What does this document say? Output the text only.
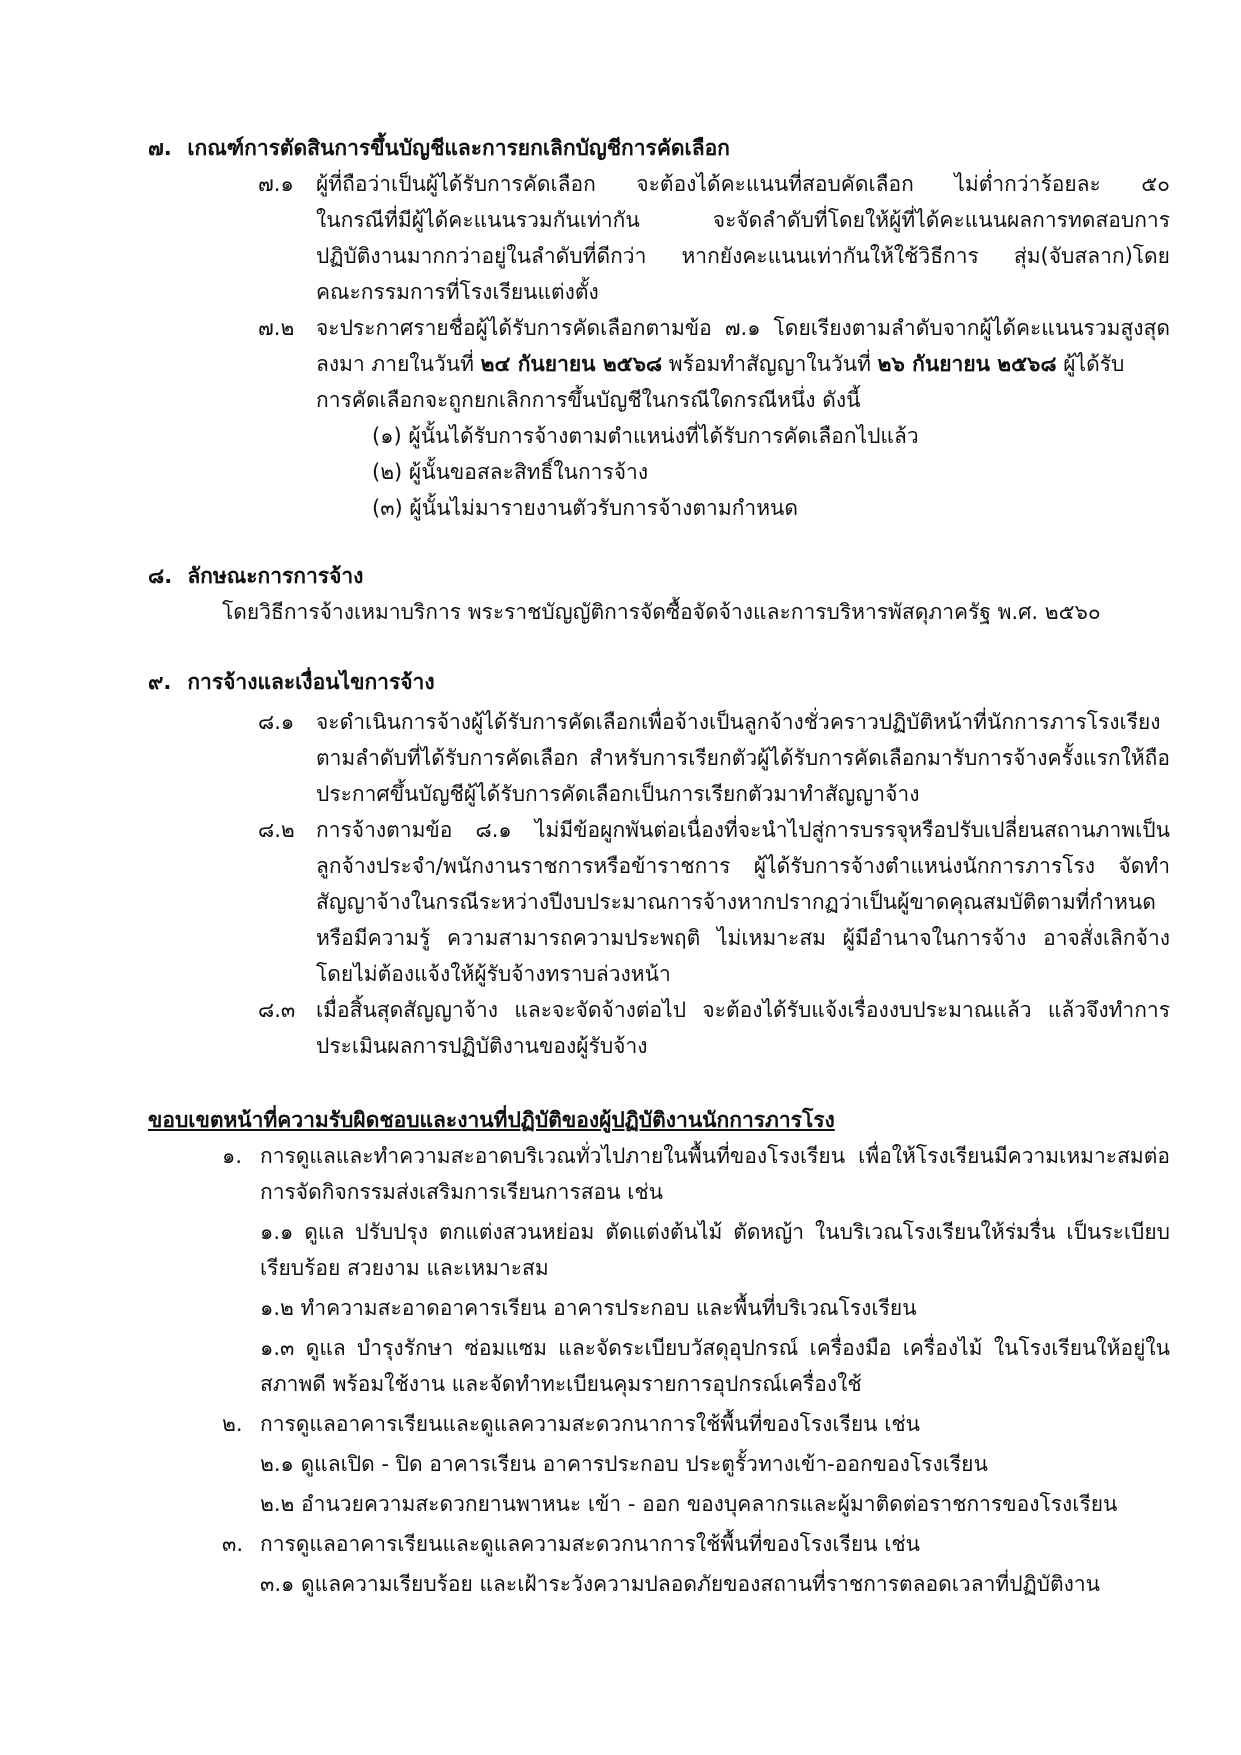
๗. เกณฑ์การตัดสินการขึ้นบัญชีและการยกเลิกบัญชีการคัดเลือก
๗.๑ ผู้ที่ถือว่าเป็นผู้ได้รับการคัดเลือก จะต้องได้คะแนนที่สอบคัดเลือก ไม่ต่ำกว่าร้อยละ ๕๐
ในกรณีที่มีผู้ได้คะแนนรวมกันเท่ากัน จะจัดลำดับที่โดยให้ผู้ที่ได้คะแนนผลการทดสอบการ
ปฏิบัติงานมากกว่าอยู่ในลำดับที่ดีกว่า หากยังคะแนนเท่ากันให้ใช้วิธีการ สุ่ม(จับสลาก)โดย
คณะกรรมการที่โรงเรียนแต่งตั้ง
๗.๒ จะประกาศรายชื่อผู้ได้รับการคัดเลือกตามข้อ ๗.๑ โดยเรียงตามลำดับจากผู้ได้คะแนนรวมสูงสุด
ลงมา ภายในวันที่ ๒๔ กันยายน ๒๕๖๘ พร้อมทำสัญญาในวันที่ ๒๖ กันยายน ๒๕๖๘ ผู้ได้รับ
การคัดเลือกจะถูกยกเลิกการขึ้นบัญชีในกรณีใดกรณีหนึ่ง ดังนี้
(๑) ผู้นั้นได้รับการจ้างตามตำแหน่งที่ได้รับการคัดเลือกไปแล้ว
(๒) ผู้นั้นขอสละสิทธิ์ในการจ้าง
(๓) ผู้นั้นไม่มารายงานตัวรับการจ้างตามกำหนด
๘. ลักษณะการการจ้าง
โดยวิธีการจ้างเหมาบริการ พระราชบัญญัติการจัดซื้อจัดจ้างและการบริหารพัสดุภาครัฐ พ.ศ. ๒๕๖๐
๙. การจ้างและเงื่อนไขการจ้าง
๘.๑ จะดำเนินการจ้างผู้ได้รับการคัดเลือกเพื่อจ้างเป็นลูกจ้างชั่วคราวปฏิบัติหน้าที่นักการภารโรงเรียง
ตามลำดับที่ได้รับการคัดเลือก สำหรับการเรียกตัวผู้ได้รับการคัดเลือกมารับการจ้างครั้งแรกให้ถือ
ประกาศขึ้นบัญชีผู้ได้รับการคัดเลือกเป็นการเรียกตัวมาทำสัญญาจ้าง
๘.๒ การจ้างตามข้อ ๘.๑ ไม่มีข้อผูกพันต่อเนื่องที่จะนำไปสู่การบรรจุหรือปรับเปลี่ยนสถานภาพเป็น
ลูกจ้างประจำ/พนักงานราชการหรือข้าราชการ ผู้ได้รับการจ้างตำแหน่งนักการภารโรง จัดทำ
สัญญาจ้างในกรณีระหว่างปีงบประมาณการจ้างหากปรากฏว่าเป็นผู้ขาดคุณสมบัติตามที่กำหนด
หรือมีความรู้ ความสามารถความประพฤติ ไม่เหมาะสม ผู้มีอำนาจในการจ้าง อาจสั่งเลิกจ้าง
โดยไม่ต้องแจ้งให้ผู้รับจ้างทราบล่วงหน้า
๘.๓ เมื่อสิ้นสุดสัญญาจ้าง และจะจัดจ้างต่อไป จะต้องได้รับแจ้งเรื่องงบประมาณแล้ว แล้วจึงทำการ
ประเมินผลการปฏิบัติงานของผู้รับจ้าง
ขอบเขตหน้าที่ความรับผิดชอบและงานที่ปฏิบัติของผู้ปฏิบัติงานนักการภารโรง
๑. การดูแลและทำความสะอาดบริเวณทั่วไปภายในพื้นที่ของโรงเรียน เพื่อให้โรงเรียนมีความเหมาะสมต่อ
การจัดกิจกรรมส่งเสริมการเรียนการสอน เช่น
๑.๑ ดูแล ปรับปรุง ตกแต่งสวนหย่อม ตัดแต่งต้นไม้ ตัดหญ้า ในบริเวณโรงเรียนให้ร่มรื่น เป็นระเบียบ
เรียบร้อย สวยงาม และเหมาะสม
๑.๒ ทำความสะอาดอาคารเรียน อาคารประกอบ และพื้นที่บริเวณโรงเรียน
๑.๓ ดูแล บำรุงรักษา ซ่อมแซม และจัดระเบียบวัสดุอุปกรณ์ เครื่องมือ เครื่องไม้ ในโรงเรียนให้อยู่ใน
สภาพดี พร้อมใช้งาน และจัดทำทะเบียนคุมรายการอุปกรณ์เครื่องใช้
๒. การดูแลอาคารเรียนและดูแลความสะดวกนาการใช้พื้นที่ของโรงเรียน เช่น
๒.๑ ดูแลเปิด - ปิด อาคารเรียน อาคารประกอบ ประตูรั้วทางเข้า-ออกของโรงเรียน
๒.๒ อำนวยความสะดวกยานพาหนะ เข้า - ออก ของบุคลากรและผู้มาติดต่อราชการของโรงเรียน
๓. การดูแลอาคารเรียนและดูแลความสะดวกนาการใช้พื้นที่ของโรงเรียน เช่น
๓.๑ ดูแลความเรียบร้อย และเฝ้าระวังความปลอดภัยของสถานที่ราชการตลอดเวลาที่ปฏิบัติงาน
